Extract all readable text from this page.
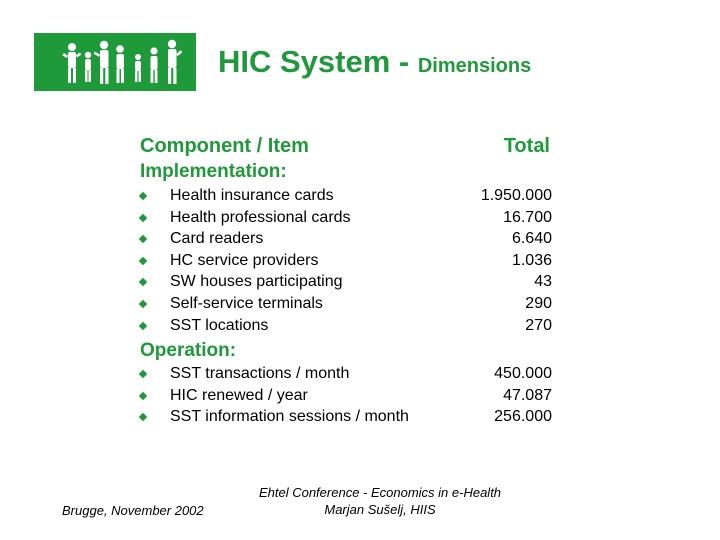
HIC System - Dimensions
Component / Item	Total
Implementation:
Health insurance cards	1.950.000
Health professional cards	16.700
Card readers	6.640
HC service providers	1.036
SW houses participating	43
Self-service terminals	290
SST locations	270
Operation:
SST transactions / month	450.000
HIC renewed / year	47.087
SST information sessions / month	256.000
Brugge, November 2002
Ehtel Conference - Economics in e-Health
Marjan Sušelj, HIIS
